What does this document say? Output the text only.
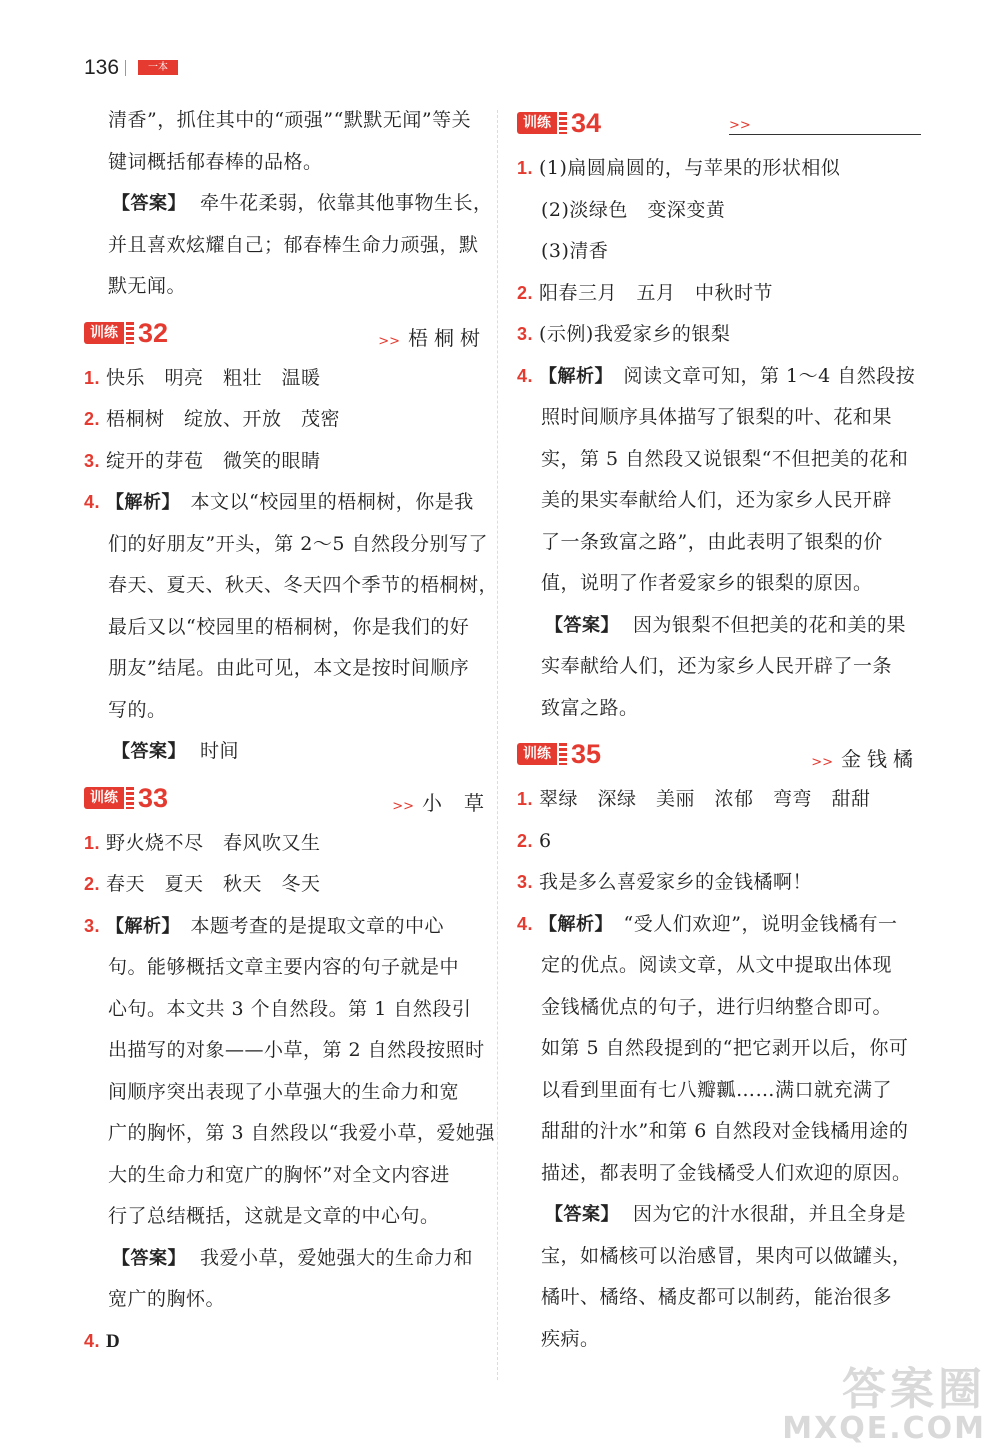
136	一本
清香”，抓住其中的“顽强”“默默无闻”等关
键词概括郁春棒的品格。
【答案】 牵牛花柔弱，依靠其他事物生长，
并且喜欢炫耀自己；郁春棒生命力顽强，默
默无闻。
训练 32	>> 梧桐树
1. 快乐　明亮　粗壮　温暖
2. 梧桐树　绽放、开放　茂密
3. 绽开的芽苞　微笑的眼睛
4. 【解析】　 本文以“校园里的梧桐树，你是我
们的好朋友”开头，第 2～5 自然段分别写了
春天、夏天、秋天、冬天四个季节的梧桐树，
最后又以“校园里的梧桐树，你是我们的好
朋友”结尾。由此可见，本文是按时间顺序
写的。
【答案】 时间
训练 33	>> 小草
1. 野火烧不尽　春风吹又生
2. 春天　夏天　秋天　冬天
3. 【解析】　 本题考查的是提取文章的中心
句。能够概括文章主要内容的句子就是中
心句。本文共 3 个自然段。第 1 自然段引
出描写的对象——小草，第 2 自然段按照时
间顺序突出表现了小草强大的生命力和宽
广的胸怀，第 3 自然段以“我爱小草，爱她强
大的生命力和宽广的胸怀”对全文内容进
行了总结概括，这就是文章的中心句。
【答案】 我爱小草，爱她强大的生命力和
宽广的胸怀。
4. D
训练 34	>>
1. (1)扁圆扁圆的，与苹果的形状相似
(2)淡绿色　变深变黄
(3)清香
2. 阳春三月　五月　中秋时节
3. (示例)我爱家乡的银梨
4. 【解析】　 阅读文章可知，第 1～4 自然段按
照时间顺序具体描写了银梨的叶、花和果
实，第 5 自然段又说银梨“不但把美的花和
美的果实奉献给人们，还为家乡人民开辟
了一条致富之路”，由此表明了银梨的价
值，说明了作者爱家乡的银梨的原因。
【答案】 因为银梨不但把美的花和美的果
实奉献给人们，还为家乡人民开辟了一条
致富之路。
训练 35	>> 金钱橘
1. 翠绿　深绿　美丽　浓郁　弯弯　甜甜
2. 6
3. 我是多么喜爱家乡的金钱橘啊！
4. 【解析】　 “受人们欢迎”，说明金钱橘有一
定的优点。阅读文章，从文中提取出体现
金钱橘优点的句子，进行归纳整合即可。
如第 5 自然段提到的“把它剥开以后，你可
以看到里面有七八瓣瓤……满口就充满了
甜甜的汁水”和第 6 自然段对金钱橘用途的
描述，都表明了金钱橘受人们欢迎的原因。
【答案】 因为它的汁水很甜，并且全身是
宝，如橘核可以治感冒，果肉可以做罐头，
橘叶、橘络、橘皮都可以制药，能治很多
疾病。
答案圈
MXQE.COM
